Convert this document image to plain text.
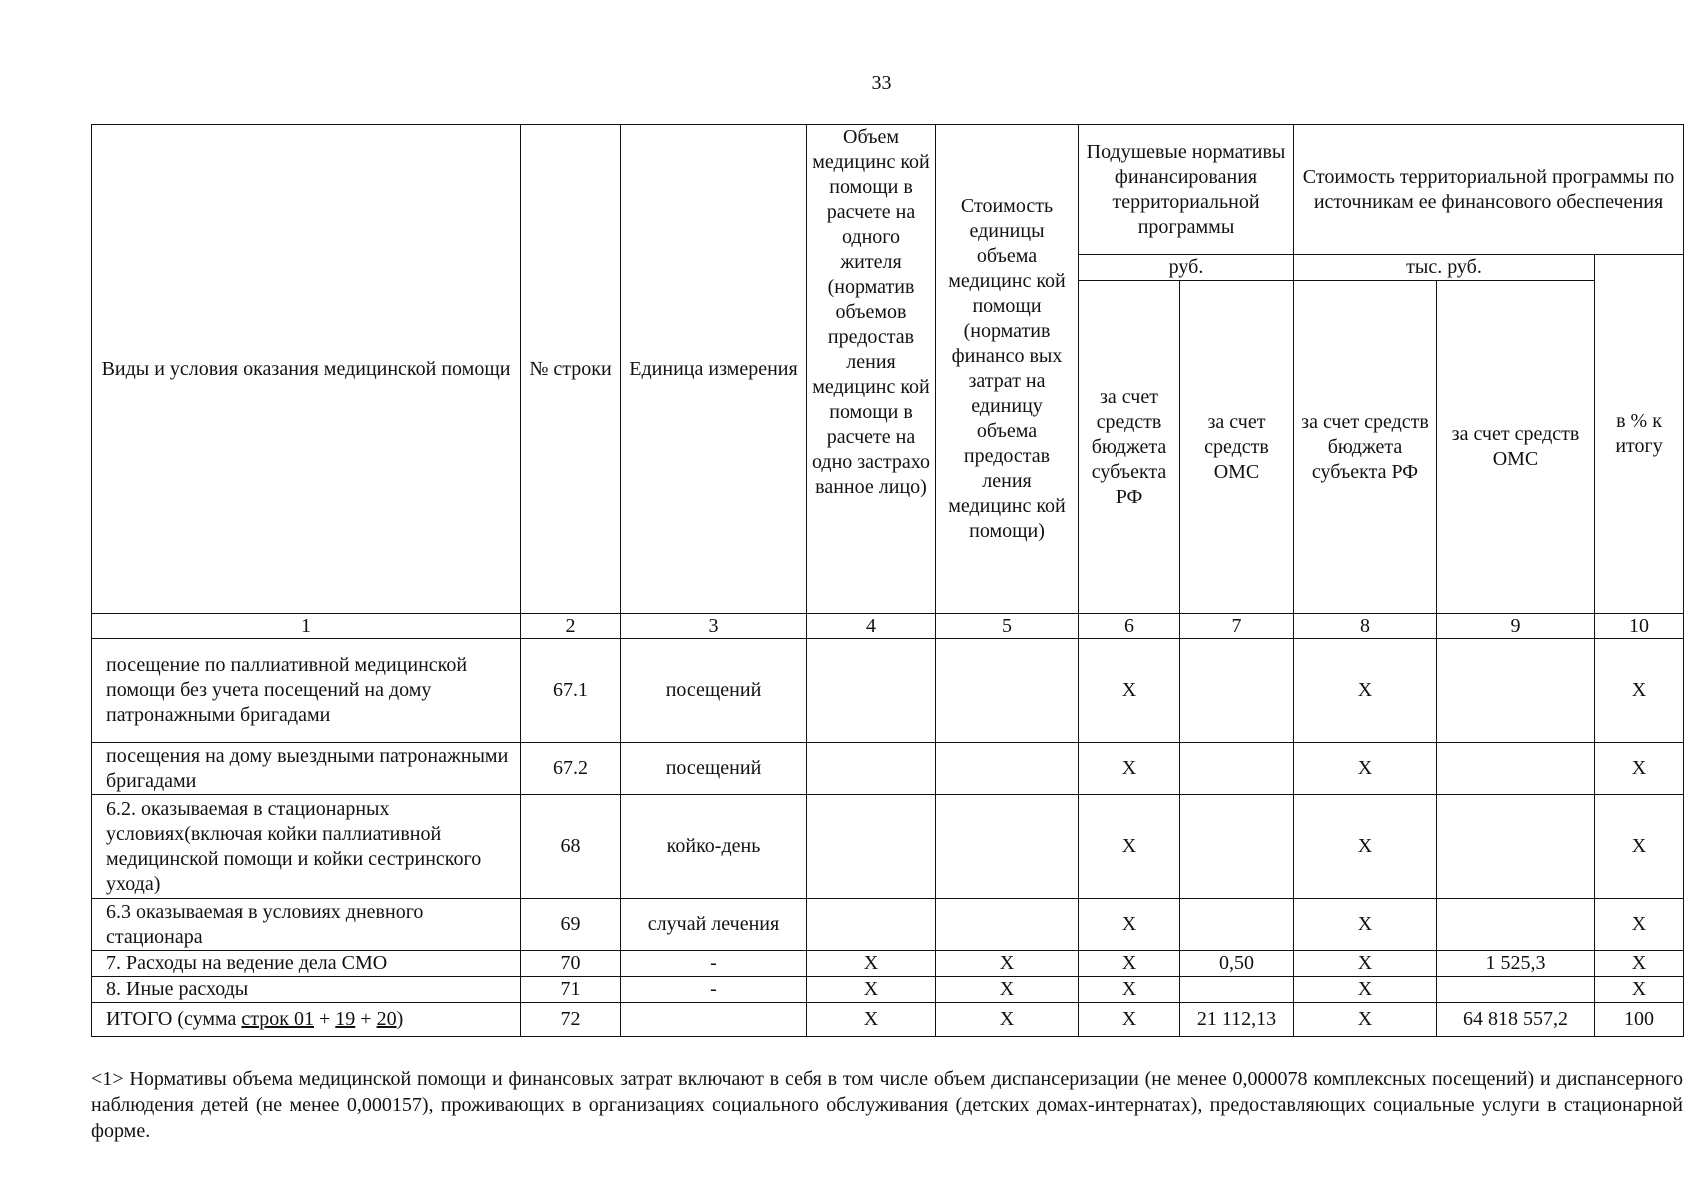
33
Виды и условия оказания медицинской помощи	№ строки	Единица измерения	Объем медицинс кой помощи в расчете на одного жителя (норматив объемов предостав ления медицинс кой помощи в расчете на одно застрахо ванное лицо)	Стоимость единицы объема медицинс кой помощи (норматив финансо вых затрат на единицу объема предостав ления медицинс кой помощи)	Подушевые нормативы финансирования территориальной программы		Стоимость территориальной программы по источникам ее финансового обеспечения		
					руб.		тыс. руб.		в % к итогу
					за счет средств бюджета субъекта РФ	за счет средств ОМС	за счет средств бюджета субъекта РФ	за счет средств ОМС	
1	2	3	4	5	6	7	8	9	10
посещение по паллиативной медицинской помощи без учета посещений на дому патронажными бригадами	67.1	посещений			X		X		X
посещения на дому выездными патронажными бригадами	67.2	посещений			X		X		X
6.2. оказываемая в стационарных условиях(включая койки паллиативной медицинской помощи и койки сестринского ухода)	68	койко-день			X		X		X
6.3 оказываемая в условиях дневного стационара	69	случай лечения			X		X		X
7. Расходы на ведение дела СМО	70	-	X	X	X	0,50	X	1 525,3	X
8. Иные расходы	71	-	X	X	X		X		X
ИТОГО (сумма строк 01 + 19 + 20)	72		X	X	X	21 112,13	X	64 818 557,2	100
<1> Нормативы объема медицинской помощи и финансовых затрат включают в себя в том числе объем диспансеризации (не менее 0,000078 комплексных посещений) и диспансерного наблюдения детей (не менее 0,000157), проживающих в организациях социального обслуживания (детских домах-интернатах), предоставляющих социальные услуги в стационарной форме.
